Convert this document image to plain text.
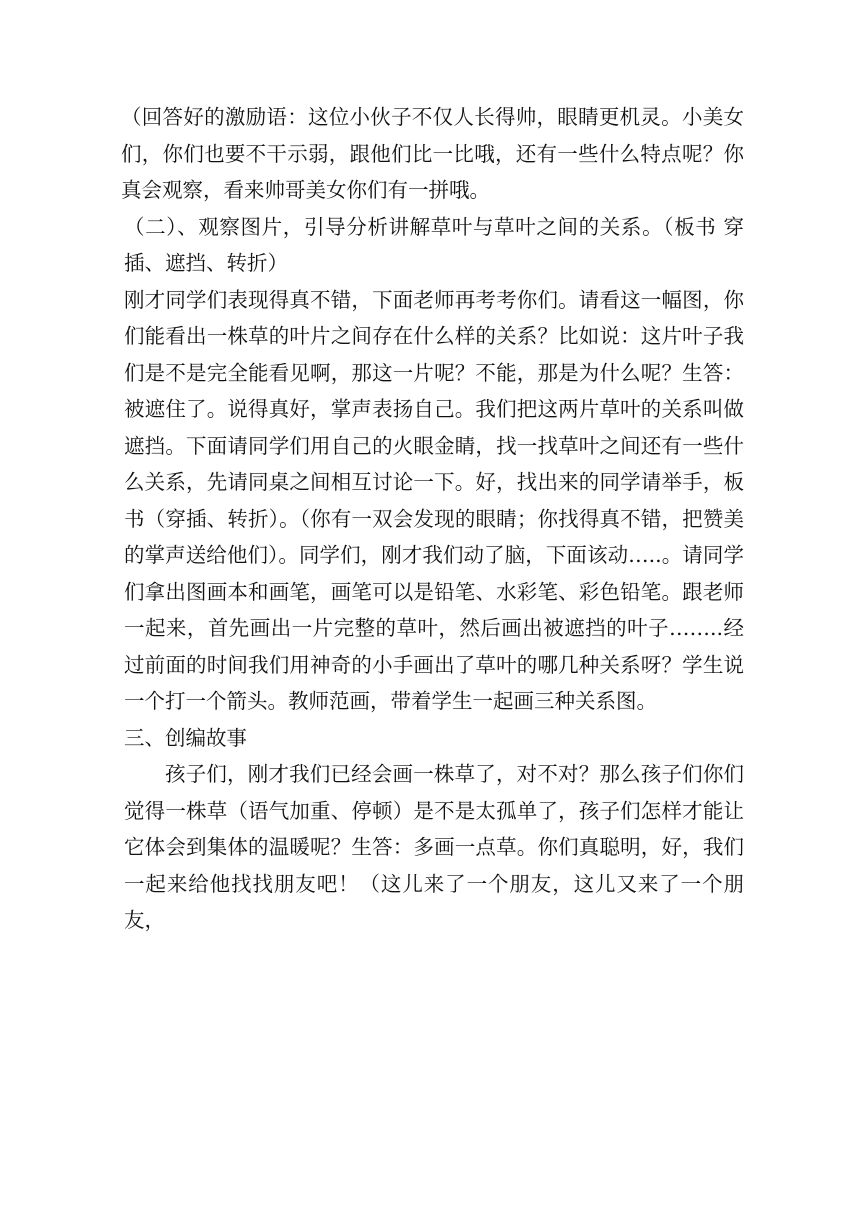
（回答好的激励语：这位小伙子不仅人长得帅，眼睛更机灵。小美女们，你们也要不干示弱，跟他们比一比哦，还有一些什么特点呢？你真会观察，看来帅哥美女你们有一拼哦。

（二）、观察图片，引导分析讲解草叶与草叶之间的关系。（板书 穿插、遮挡、转折）

刚才同学们表现得真不错，下面老师再考考你们。请看这一幅图，你们能看出一株草的叶片之间存在什么样的关系？比如说：这片叶子我们是不是完全能看见啊，那这一片呢？不能，那是为什么呢？生答：被遮住了。说得真好，掌声表扬自己。我们把这两片草叶的关系叫做遮挡。下面请同学们用自己的火眼金睛，找一找草叶之间还有一些什么关系，先请同桌之间相互讨论一下。好，找出来的同学请举手，板书（穿插、转折）。（你有一双会发现的眼睛；你找得真不错，把赞美的掌声送给他们）。同学们，刚才我们动了脑，下面该动…..。请同学们拿出图画本和画笔，画笔可以是铅笔、水彩笔、彩色铅笔。跟老师一起来，首先画出一片完整的草叶，然后画出被遮挡的叶子……..经过前面的时间我们用神奇的小手画出了草叶的哪几种关系呀？学生说一个打一个箭头。教师范画，带着学生一起画三种关系图。

三、创编故事

孩子们，刚才我们已经会画一株草了，对不对？那么孩子们你们觉得一株草（语气加重、停顿）是不是太孤单了，孩子们怎样才能让它体会到集体的温暖呢？生答：多画一点草。你们真聪明，好，我们一起来给他找找朋友吧！（这儿来了一个朋友，这儿又来了一个朋友，
